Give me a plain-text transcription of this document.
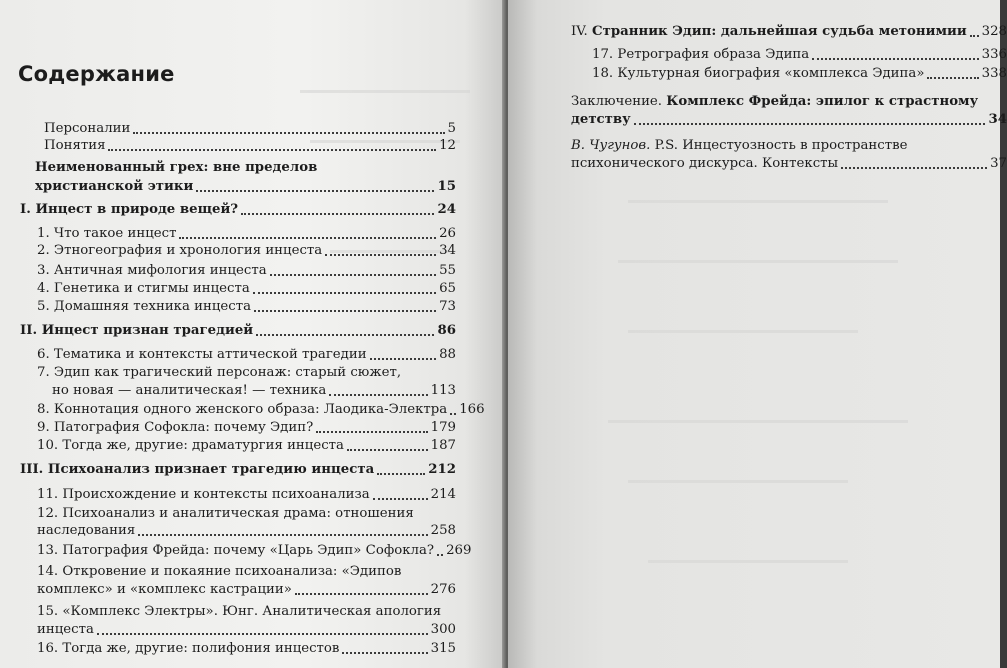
Содержание
Персоналии	5
Понятия	12
Неименованный грех: вне пределов
христианской этики	15
I. Инцест в природе вещей?	24
1. Что такое инцест	26
2. Этногеография и хронология инцеста	34
3. Античная мифология инцеста	55
4. Генетика и стигмы инцеста	65
5. Домашняя техника инцеста	73
II. Инцест признан трагедией	86
6. Тематика и контексты аттической трагедии	88
7. Эдип как трагический персонаж: старый сюжет,
но новая — аналитическая! — техника	113
8. Коннотация одного женского образа: Лаодика-Электра 166
9. Патография Софокла: почему Эдип?	179
10. Тогда же, другие: драматургия инцеста	187
III. Психоанализ признает трагедию инцеста	212
11. Происхождение и контексты психоанализа	214
12. Психоанализ и аналитическая драма: отношения
наследования	258
13. Патография Фрейда: почему «Царь Эдип» Софокла? 269
14. Откровение и покаяние психоанализа: «Эдипов
комплекс» и «комплекс кастрации»	276
15. «Комплекс Электры». Юнг. Аналитическая апология
инцеста	300
16. Тогда же, другие: полифония инцестов	315
IV. Странник Эдип: дальнейшая судьба метонимии 328
17. Ретрография образа Эдипа	336
18. Культурная биография «комплекса Эдипа»	338
Заключение. Комплекс Фрейда: эпилог к страстному
детству	34
В. Чугунов. P.S. Инцестуозность в пространстве
психонического дискурса. Контексты	37
